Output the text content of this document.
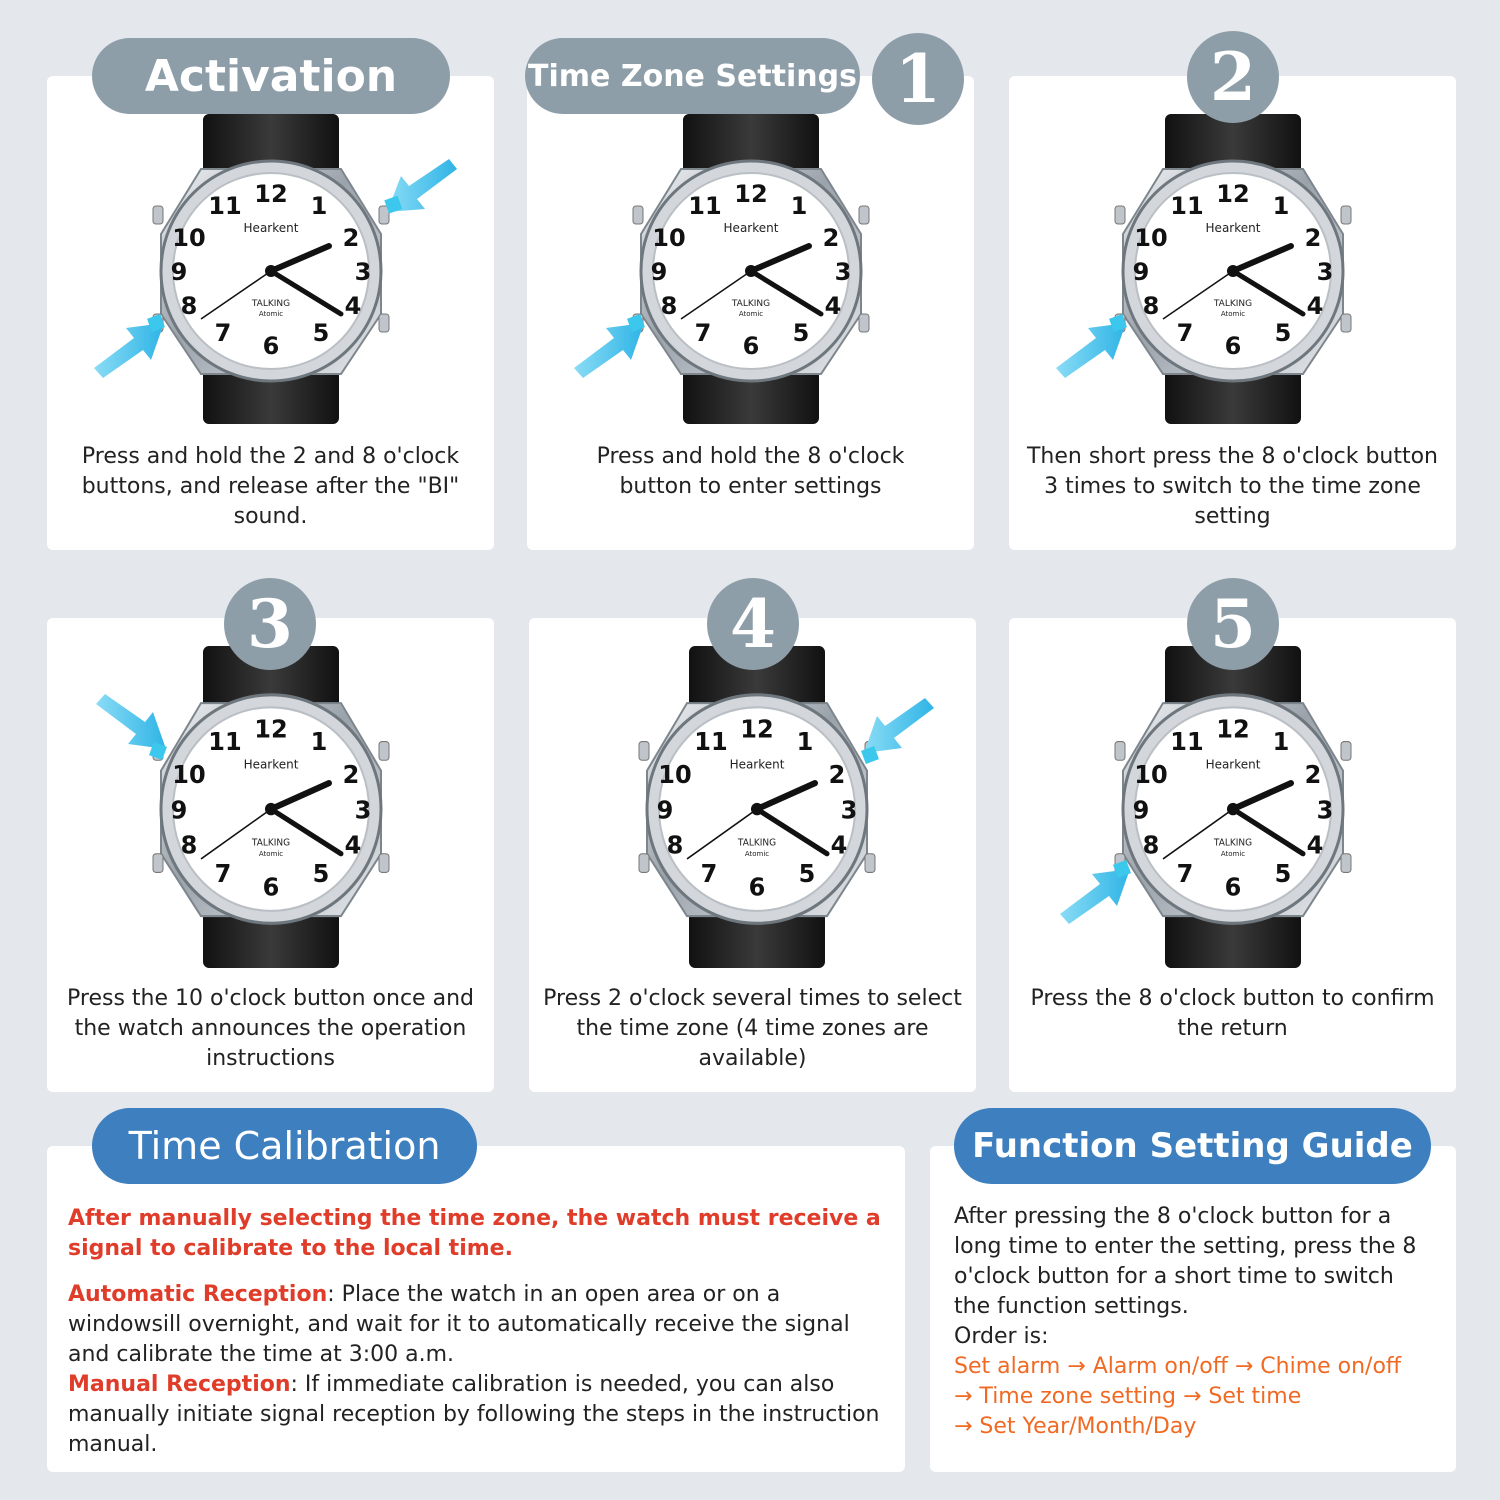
12 1
2
3
4
5
6
7
8
9
10
11
Hearkent
TALKING
Atomic
Press and hold the 2 and 8 o'clock buttons, and release after the "BI" sound.
12 1
2
3
4
5
6
7
8
9
10
11
Hearkent
TALKING
Atomic
Press and hold the 8 o'clock button to enter settings
12 1
2
3
4
5
6
7
8
9
10
11
Hearkent
TALKING
Atomic
Then short press the 8 o'clock button 3 times to switch to the time zone setting
Activation	Time Zone Settings 1	2
12 1
2
3
4
5
6
7
8
9
10
11
Hearkent
TALKING
Atomic
Press the 10 o'clock button once and the watch announces the operation instructions
12 1
2
3
4
5
6
7
8
9
10
11
Hearkent
TALKING
Atomic
Press 2 o'clock several times to select the time zone (4 time zones are available)
12 1
2
3
4
5
6
7
8
9
10
11
Hearkent
TALKING
Atomic
Press the 8 o'clock button to confirm the return
3	4	5

After manually selecting the time zone, the watch must receive a signal to calibrate to the local time.

Automatic Reception: Place the watch in an open area or on a windowsill overnight, and wait for it to automatically receive the signal and calibrate the time at 3:00 a.m.

Manual Reception: If immediate calibration is needed, you can also manually initiate signal reception by following the steps in the instruction manual.

After pressing the 8 o'clock button for a long time to enter the setting, press the 8 o'clock button for a short time to switch the function settings.

Order is:

Set alarm → Alarm on/off → Chime on/off

→ Time zone setting → Set time

→ Set Year/Month/Day

Time Calibration	Function Setting Guide
